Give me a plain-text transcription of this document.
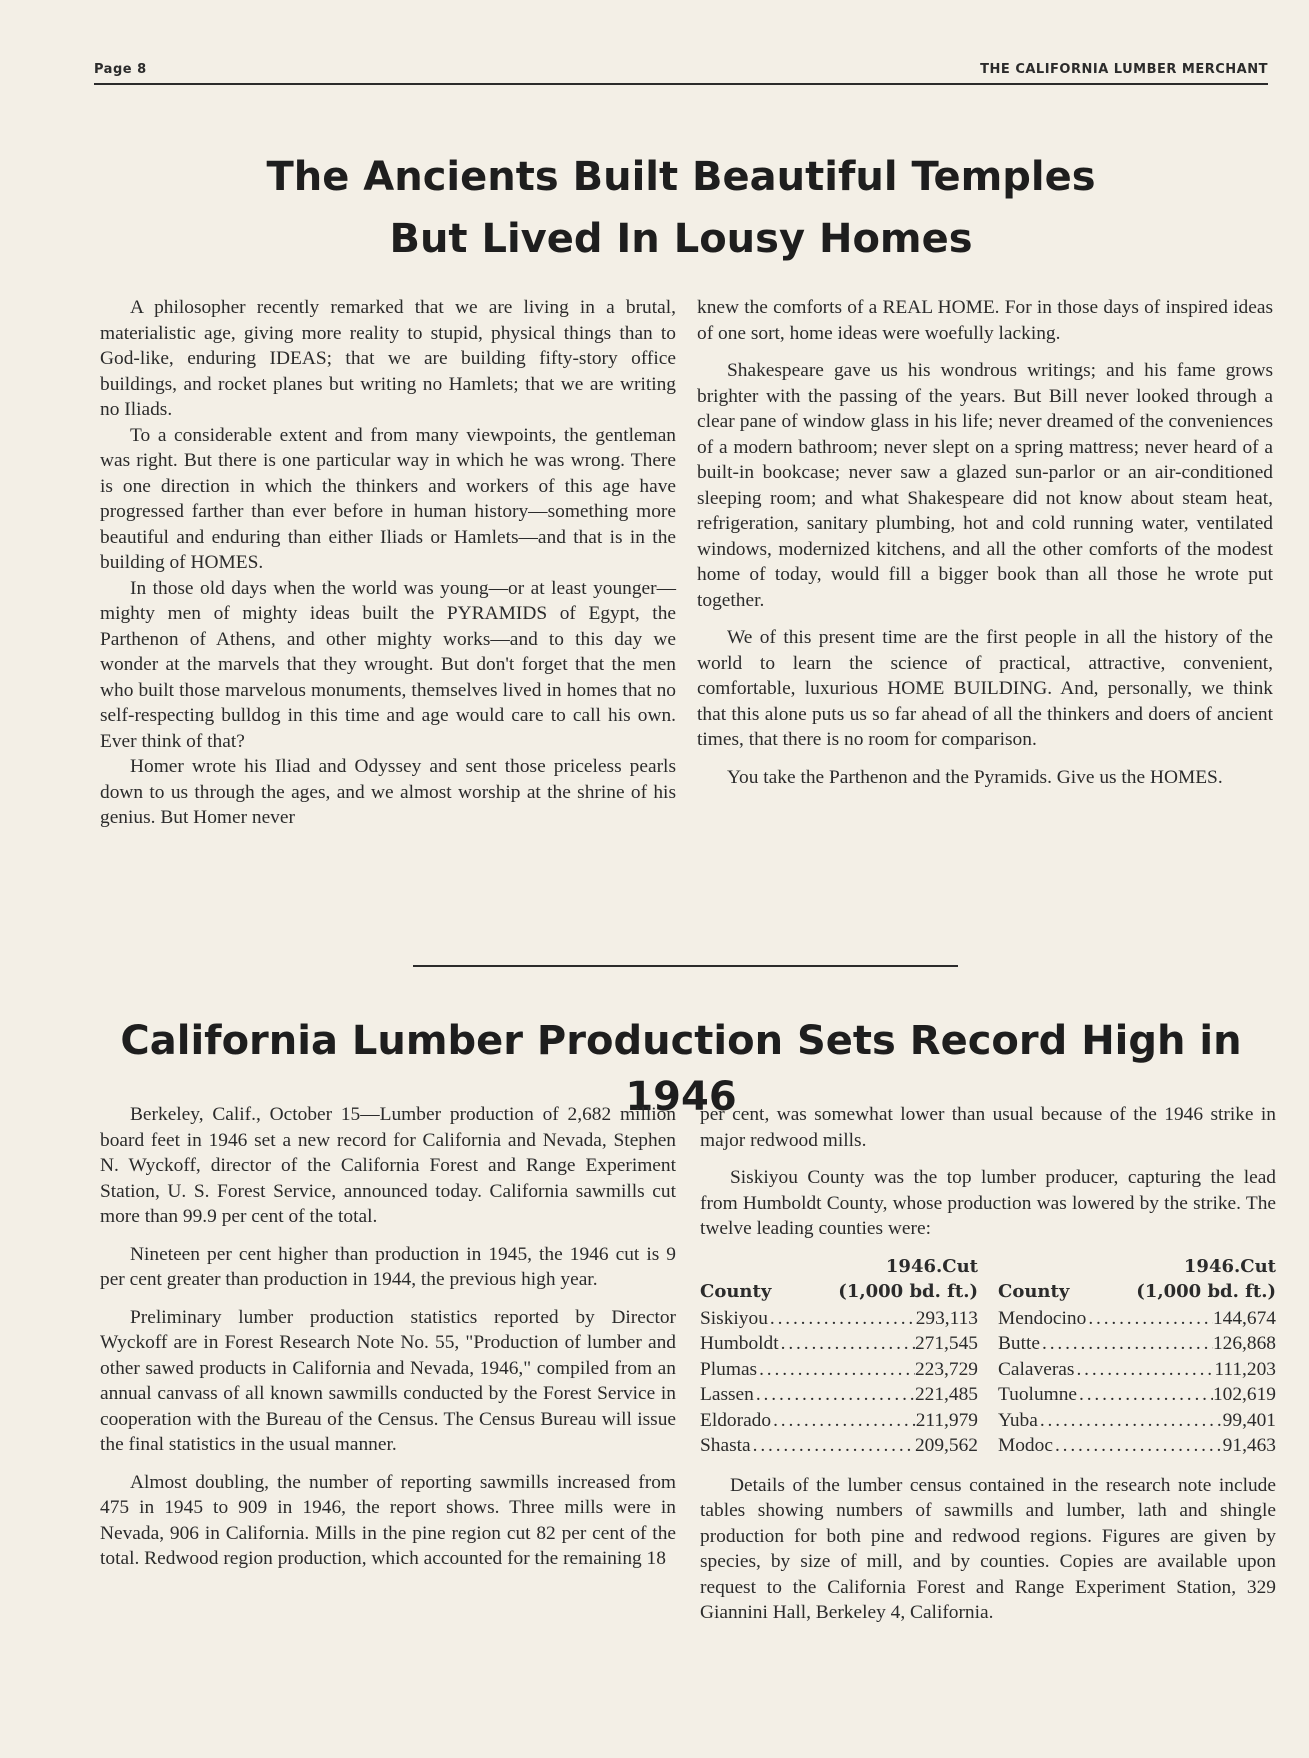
Page 8	THE CALIFORNIA LUMBER MERCHANT
The Ancients Built Beautiful Temples
But Lived In Lousy Homes

A philosopher recently remarked that we are living in a brutal, materialistic age, giving more reality to stupid, physical things than to God-like, enduring IDEAS; that we are building fifty-story office buildings, and rocket planes but writing no Hamlets; that we are writing no Iliads.

To a considerable extent and from many viewpoints, the gentleman was right. But there is one particular way in which he was wrong. There is one direction in which the thinkers and workers of this age have progressed farther than ever before in human history—something more beautiful and enduring than either Iliads or Hamlets—and that is in the building of HOMES.

In those old days when the world was young—or at least younger—mighty men of mighty ideas built the PYRAMIDS of Egypt, the Parthenon of Athens, and other mighty works—and to this day we wonder at the marvels that they wrought. But don't forget that the men who built those marvelous monuments, themselves lived in homes that no self-respecting bulldog in this time and age would care to call his own. Ever think of that?

Homer wrote his Iliad and Odyssey and sent those priceless pearls down to us through the ages, and we almost worship at the shrine of his genius. But Homer never

knew the comforts of a REAL HOME. For in those days of inspired ideas of one sort, home ideas were woefully lacking.

Shakespeare gave us his wondrous writings; and his fame grows brighter with the passing of the years. But Bill never looked through a clear pane of window glass in his life; never dreamed of the conveniences of a modern bathroom; never slept on a spring mattress; never heard of a built-in bookcase; never saw a glazed sun-parlor or an air-conditioned sleeping room; and what Shakespeare did not know about steam heat, refrigeration, sanitary plumbing, hot and cold running water, ventilated windows, modernized kitchens, and all the other comforts of the modest home of today, would fill a bigger book than all those he wrote put together.

We of this present time are the first people in all the history of the world to learn the science of practical, attractive, convenient, comfortable, luxurious HOME BUILDING. And, personally, we think that this alone puts us so far ahead of all the thinkers and doers of ancient times, that there is no room for comparison.

You take the Parthenon and the Pyramids. Give us the HOMES.

California Lumber Production Sets Record High in 1946

Berkeley, Calif., October 15—Lumber production of 2,682 million board feet in 1946 set a new record for California and Nevada, Stephen N. Wyckoff, director of the California Forest and Range Experiment Station, U. S. Forest Service, announced today. California sawmills cut more than 99.9 per cent of the total.

Nineteen per cent higher than production in 1945, the 1946 cut is 9 per cent greater than production in 1944, the previous high year.

Preliminary lumber production statistics reported by Director Wyckoff are in Forest Research Note No. 55, "Production of lumber and other sawed products in California and Nevada, 1946," compiled from an annual canvass of all known sawmills conducted by the Forest Service in cooperation with the Bureau of the Census. The Census Bureau will issue the final statistics in the usual manner.

Almost doubling, the number of reporting sawmills increased from 475 in 1945 to 909 in 1946, the report shows. Three mills were in Nevada, 906 in California. Mills in the pine region cut 82 per cent of the total. Redwood region production, which accounted for the remaining 18

per cent, was somewhat lower than usual because of the 1946 strike in major redwood mills.

Siskiyou County was the top lumber producer, capturing the lead from Humboldt County, whose production was lowered by the strike. The twelve leading counties were:

1946.Cut
County	(1,000 bd. ft.)
Siskiyou . . .	293,113
Humboldt . . .	271,545
Plumas . . .	223,729
Lassen . . .	221,485
Eldorado . . .	211,979
Shasta . . .	209,562
1946.Cut
County	(1,000 bd. ft.)
Mendocino . . .	144,674
Butte . . .	126,868
Calaveras . . .	111,203
Tuolumne . . .	102,619
Yuba . . .	99,401
Modoc . . .	91,463

Details of the lumber census contained in the research note include tables showing numbers of sawmills and lumber, lath and shingle production for both pine and redwood regions. Figures are given by species, by size of mill, and by counties. Copies are available upon request to the California Forest and Range Experiment Station, 329 Giannini Hall, Berkeley 4, California.
